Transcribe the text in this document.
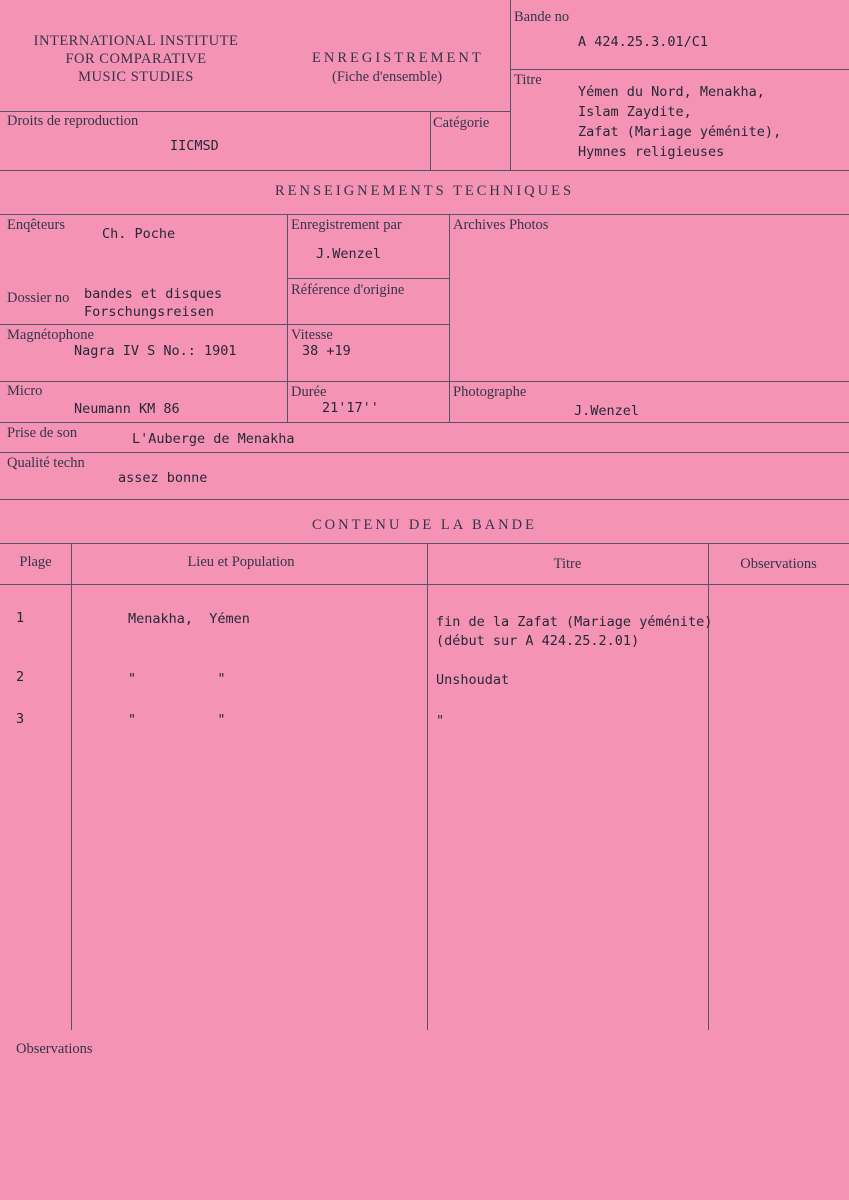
INTERNATIONAL INSTITUTE
FOR COMPARATIVE
MUSIC STUDIES
ENREGISTREMENT
(Fiche d'ensemble)
Bande no
A 424.25.3.01/C1
Titre
Yémen du Nord, Menakha,
Islam Zaydite,
Zafat (Mariage yéménite),
Hymnes religieuses
Droits de reproduction
IICMSD
Catégorie
RENSEIGNEMENTS TECHNIQUES
Enqêteurs
Ch. Poche
Enregistrement par
J.Wenzel
Archives Photos
Dossier no bandes et disques
Forschungsreisen
Référence d'origine
Magnétophone
Nagra IV S No.: 1901
Vitesse
38 +19
Micro
Neumann KM 86
Durée
21'17''
Photographe
J.Wenzel
Prise de son	L'Auberge de Menakha
Qualité techn
assez bonne
CONTENU DE LA BANDE
Plage	Lieu et Population	Titre	Observations
1	Menakha,  Yémen	fin de la Zafat (Mariage yéménite)
(début sur A 424.25.2.01)
2	"          "	Unshoudat
3	"          "	"
Observations
